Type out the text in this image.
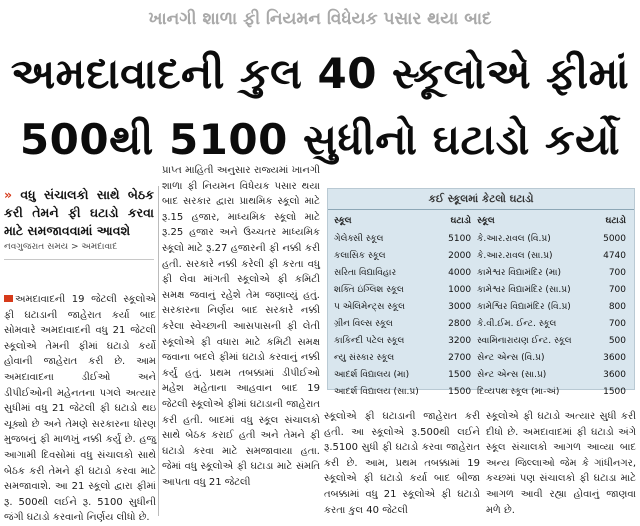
ખાનગી શાળા ફી નિયમન વિધેયક પસાર થયા બાદ
અમદાવાદની કુલ 40 સ્કૂલોએ ફીમાં
500થી 5100 સુધીનો ઘટાડો કર્યો

» વધુ સંચાલકો સાથે બેઠક કરી તેમને ફી ઘટાડો કરવા માટે સમજાવવામાં આવશે

નવગુજરાત સમય > અમદાવાદ

અમદાવાદની 19 જેટલી સ્કૂલોએ ફી ઘટાડાની જાહેરાત કર્યા બાદ સોમવારે અમદાવાદની વધુ 21 જેટલી સ્કૂલોએ તેમની ફીમાં ઘટાડો કર્યો હોવાની જાહેરાત કરી છે. આમ અમદાવાદના ડીઈઓ અને ડીપીઈઓની મહેનતના પગલે અત્યાર સુધીમાં વધુ 21 જેટલી ફી ઘટાડો થઇ ચૂક્યો છે અને તેમણે સરકારના ધોરણ મુજબનું ફી માળખું નક્કી કર્યું છે. હજુ આગામી દિવસોમાં વધુ સંચાલકો સાથે બેઠક કરી તેમને ફી ઘટાડો કરવા માટે સમજાવાશે. આ 21 સ્કૂલો દ્વારા ફીમાં રૂ. 500થી લઈને રૂ. 5100 સુધીની જંગી ઘટાડો કરવાનો નિર્ણય લીધો છે.

પ્રાપ્ત માહિતી અનુસાર રાજ્યમાં ખાનગી શાળા ફી નિયમન વિધેયક પસાર થયા બાદ સરકાર દ્વારા પ્રાથમિક સ્કૂલો માટે રૂ.15 હજાર, માધ્યમિક સ્કૂલો માટે રૂ.25 હજાર અને ઉચ્ચતર માધ્યમિક સ્કૂલો માટે રૂ.27 હજારની ફી નક્કી કરી હતી. સરકારે નક્કી કરેલી ફી કરતા વધુ ફી લેવા માંગતી સ્કૂલોએ ફી કમિટી સમક્ષ જવાનું રહેશે તેમ જણાવ્યું હતું. સરકારના નિર્ણય બાદ સરકારે નક્કી કરેલા સ્વેચ્છાની આસપાસની ફી લેતી સ્કૂલોએ ફી વધારા માટે કમિટી સમક્ષ જવાના બદલે ફીમાં ઘટાડો કરવાનું નક્કી કર્યું હતું. પ્રથમ તબક્કામાં ડીપીઈઓ મહેશ મહેતાના આહવાન બાદ 19 જેટલી સ્કૂલોએ ફીમાં ઘટાડાની જાહેરાત કરી હતી. બાદમાં વધુ સ્કૂલ સંચાલકો સાથે બેઠક કરાઈ હતી અને તેમને ફી ઘટાડો કરવા માટે સમજાવાયા હતા. જેમાં વધુ સ્કૂલોએ ફી ઘટાડા માટે સંમતિ આપતા વધુ 21 જેટલી

કઈ સ્કૂલમાં કેટલો ઘટાડો
સ્કૂલ	ઘટાડો	સ્કૂલ	ઘટાડો
ગેલેક્સી સ્કૂલ	5100	કે.આર.રાવલ (વિ.પ્ર)	5000
કલાસિક સ્કૂલ	2000	કે.આર.રાવલ (સા.પ્ર)	4740
સરિતા વિદ્યાવિહાર	4000	કામેશ્વર વિદ્યામંદિર (મા)	700
શક્તિ ઇંગ્લિશ સ્કૂલ	1000	કામેશ્વર વિદ્યામંદિર (સા.પ્ર)	700
પ એલિમેન્ટ્સ સ્કૂલ	3000	કામેશ્વિર વિદ્યામંદિર (વિ.પ્ર)	800
ગ્રીન વિલ્સ સ્કૂલ	2800	કે.વી.ઈમ. ઈન્ટ. સ્કૂલ	700
કાકિન્દી પટેલ સ્કૂલ	3200	સ્વામિનારાયણ ઈન્ટ. સ્કૂલ	500
ન્યુ સંસ્કાર સ્કૂલ	2700	સેન્ટ એન્સ (વિ.પ્ર)	3600
આદર્શ વિદ્યાલય (મા)	1500	સેન્ટ એન્સ (સા.પ્ર)	3600
આદર્શ વિદ્યાલય (સા.પ્ર)	1500	દિવ્યપથ સ્કૂલ (મા-અં)	1500

સ્કૂલોએ ફી ઘટાડાની જાહેરાત કરી હતી. આ સ્કૂલોએ રૂ.500થી લઈને રૂ.5100 સુધી ફી ઘટાડો કરવા જાહેરાત કરી છે. આમ, પ્રથમ તબક્કામાં 19 સ્કૂલોએ ફી ઘટાડો કર્યા બાદ બીજા તબક્કામાં વધુ 21 સ્કૂલોએ ફી ઘટાડો કરતા કુલ 40 જેટલી

સ્કૂલોએ ફી ઘટાડો અત્યાર સુધી કરી દીધો છે. અમદાવાદમાં ફી ઘટાડો અંગે સ્કૂલ સંચાલકો આગળ આવ્યા બાદ અન્ય જિલ્લાઓ જેમ કે ગાંધીનગર, કચ્છમાં પણ સંચાલકો ફી ઘટાડા માટે આગળ આવી રહ્યા હોવાનું જાણવા મળે છે.
